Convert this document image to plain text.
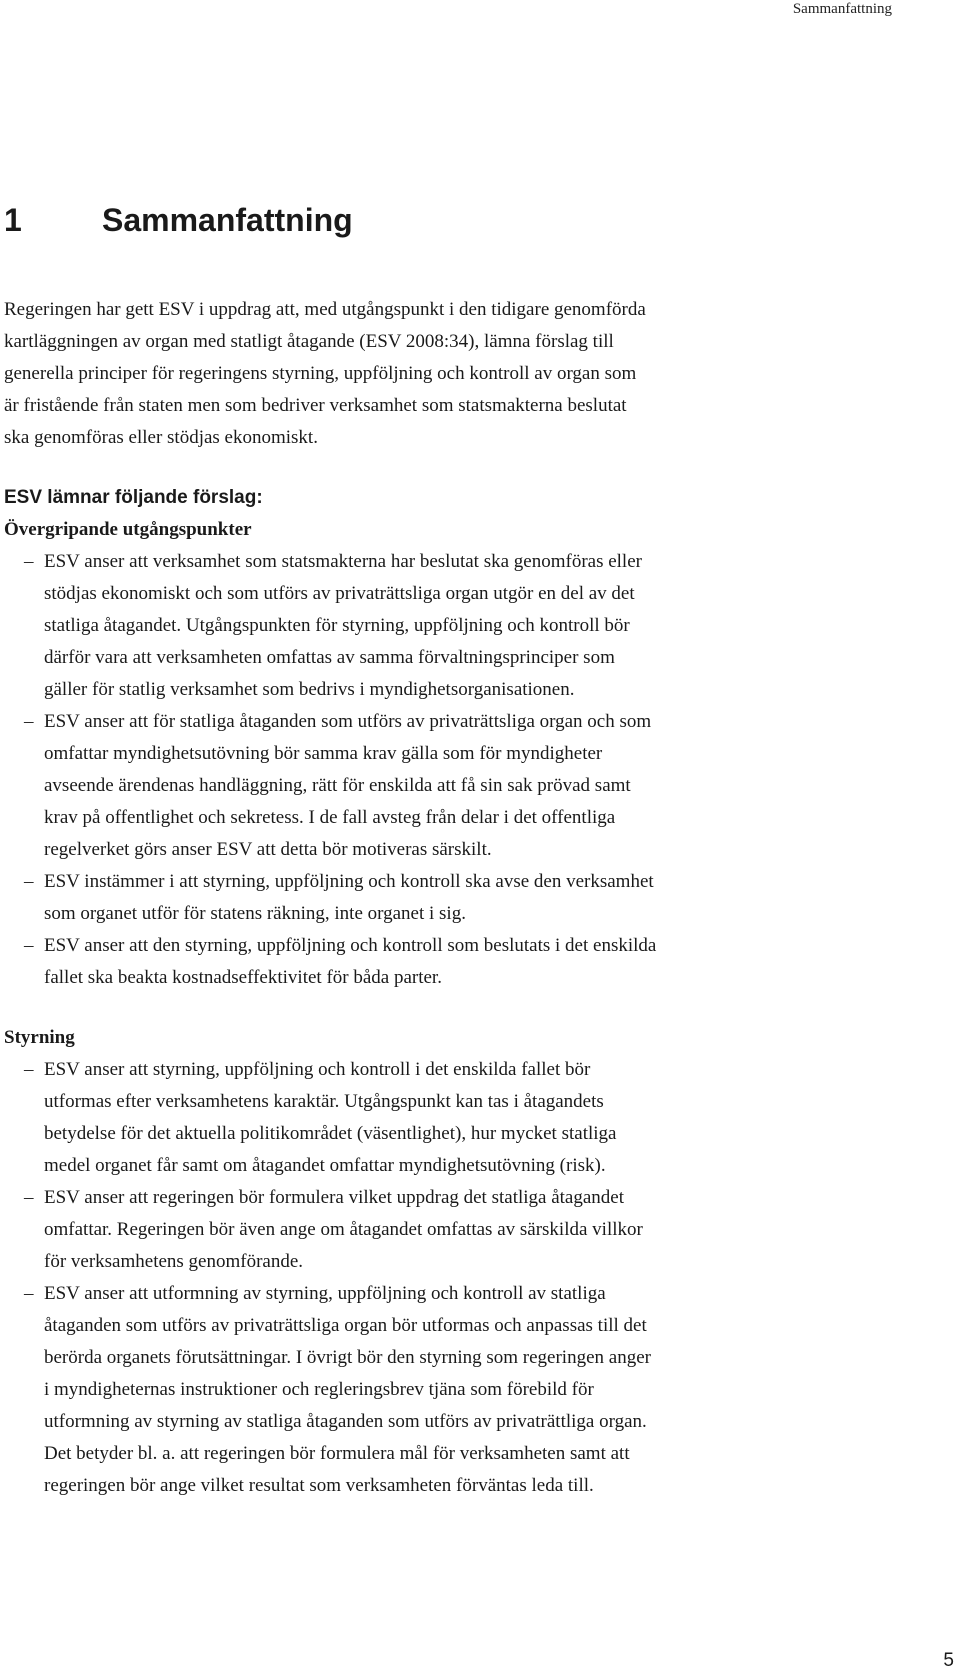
Sammanfattning
1	Sammanfattning

Regeringen har gett ESV i uppdrag att, med utgångspunkt i den tidigare genomförda
kartläggningen av organ med statligt åtagande (ESV 2008:34), lämna förslag till
generella principer för regeringens styrning, uppföljning och kontroll av organ som
är fristående från staten men som bedriver verksamhet som statsmakterna beslutat
ska genomföras eller stödjas ekonomiskt.

ESV lämnar följande förslag:

Övergripande utgångspunkter

– ESV anser att verksamhet som statsmakterna har beslutat ska genomföras eller
stödjas ekonomiskt och som utförs av privaträttsliga organ utgör en del av det
statliga åtagandet. Utgångspunkten för styrning, uppföljning och kontroll bör
därför vara att verksamheten omfattas av samma förvaltningsprinciper som
gäller för statlig verksamhet som bedrivs i myndighetsorganisationen.
– ESV anser att för statliga åtaganden som utförs av privaträttsliga organ och som
omfattar myndighetsutövning bör samma krav gälla som för myndigheter
avseende ärendenas handläggning, rätt för enskilda att få sin sak prövad samt
krav på offentlighet och sekretess. I de fall avsteg från delar i det offentliga
regelverket görs anser ESV att detta bör motiveras särskilt.
– ESV instämmer i att styrning, uppföljning och kontroll ska avse den verksamhet
som organet utför för statens räkning, inte organet i sig.
– ESV anser att den styrning, uppföljning och kontroll som beslutats i det enskilda
fallet ska beakta kostnadseffektivitet för båda parter.

Styrning

– ESV anser att styrning, uppföljning och kontroll i det enskilda fallet bör
utformas efter verksamhetens karaktär. Utgångspunkt kan tas i åtagandets
betydelse för det aktuella politikområdet (väsentlighet), hur mycket statliga
medel organet får samt om åtagandet omfattar myndighetsutövning (risk).
– ESV anser att regeringen bör formulera vilket uppdrag det statliga åtagandet
omfattar. Regeringen bör även ange om åtagandet omfattas av särskilda villkor
för verksamhetens genomförande.
– ESV anser att utformning av styrning, uppföljning och kontroll av statliga
åtaganden som utförs av privaträttsliga organ bör utformas och anpassas till det
berörda organets förutsättningar. I övrigt bör den styrning som regeringen anger
i myndigheternas instruktioner och regleringsbrev tjäna som förebild för
utformning av styrning av statliga åtaganden som utförs av privaträttliga organ.
Det betyder bl. a. att regeringen bör formulera mål för verksamheten samt att
regeringen bör ange vilket resultat som verksamheten förväntas leda till.
5
